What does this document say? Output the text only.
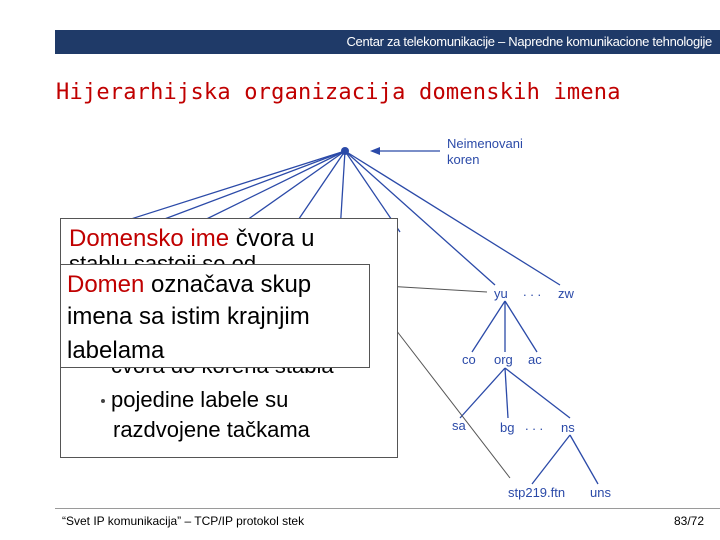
Centar za telekomunikacije – Napredne komunikacione tehnologije
Hijerarhijska organizacija domenskih imena
Neimenovani
koren
yu . . . zw
co org ac
sa	bg . . . ns
stp219.ftn uns
Domensko ime čvora u
pojedine labele su
razdvojene tačkama
Domen označava skup
imena sa istim krajnjim
labelama
“Svet IP komunikacija” – TCP/IP protokol stek	83/72
